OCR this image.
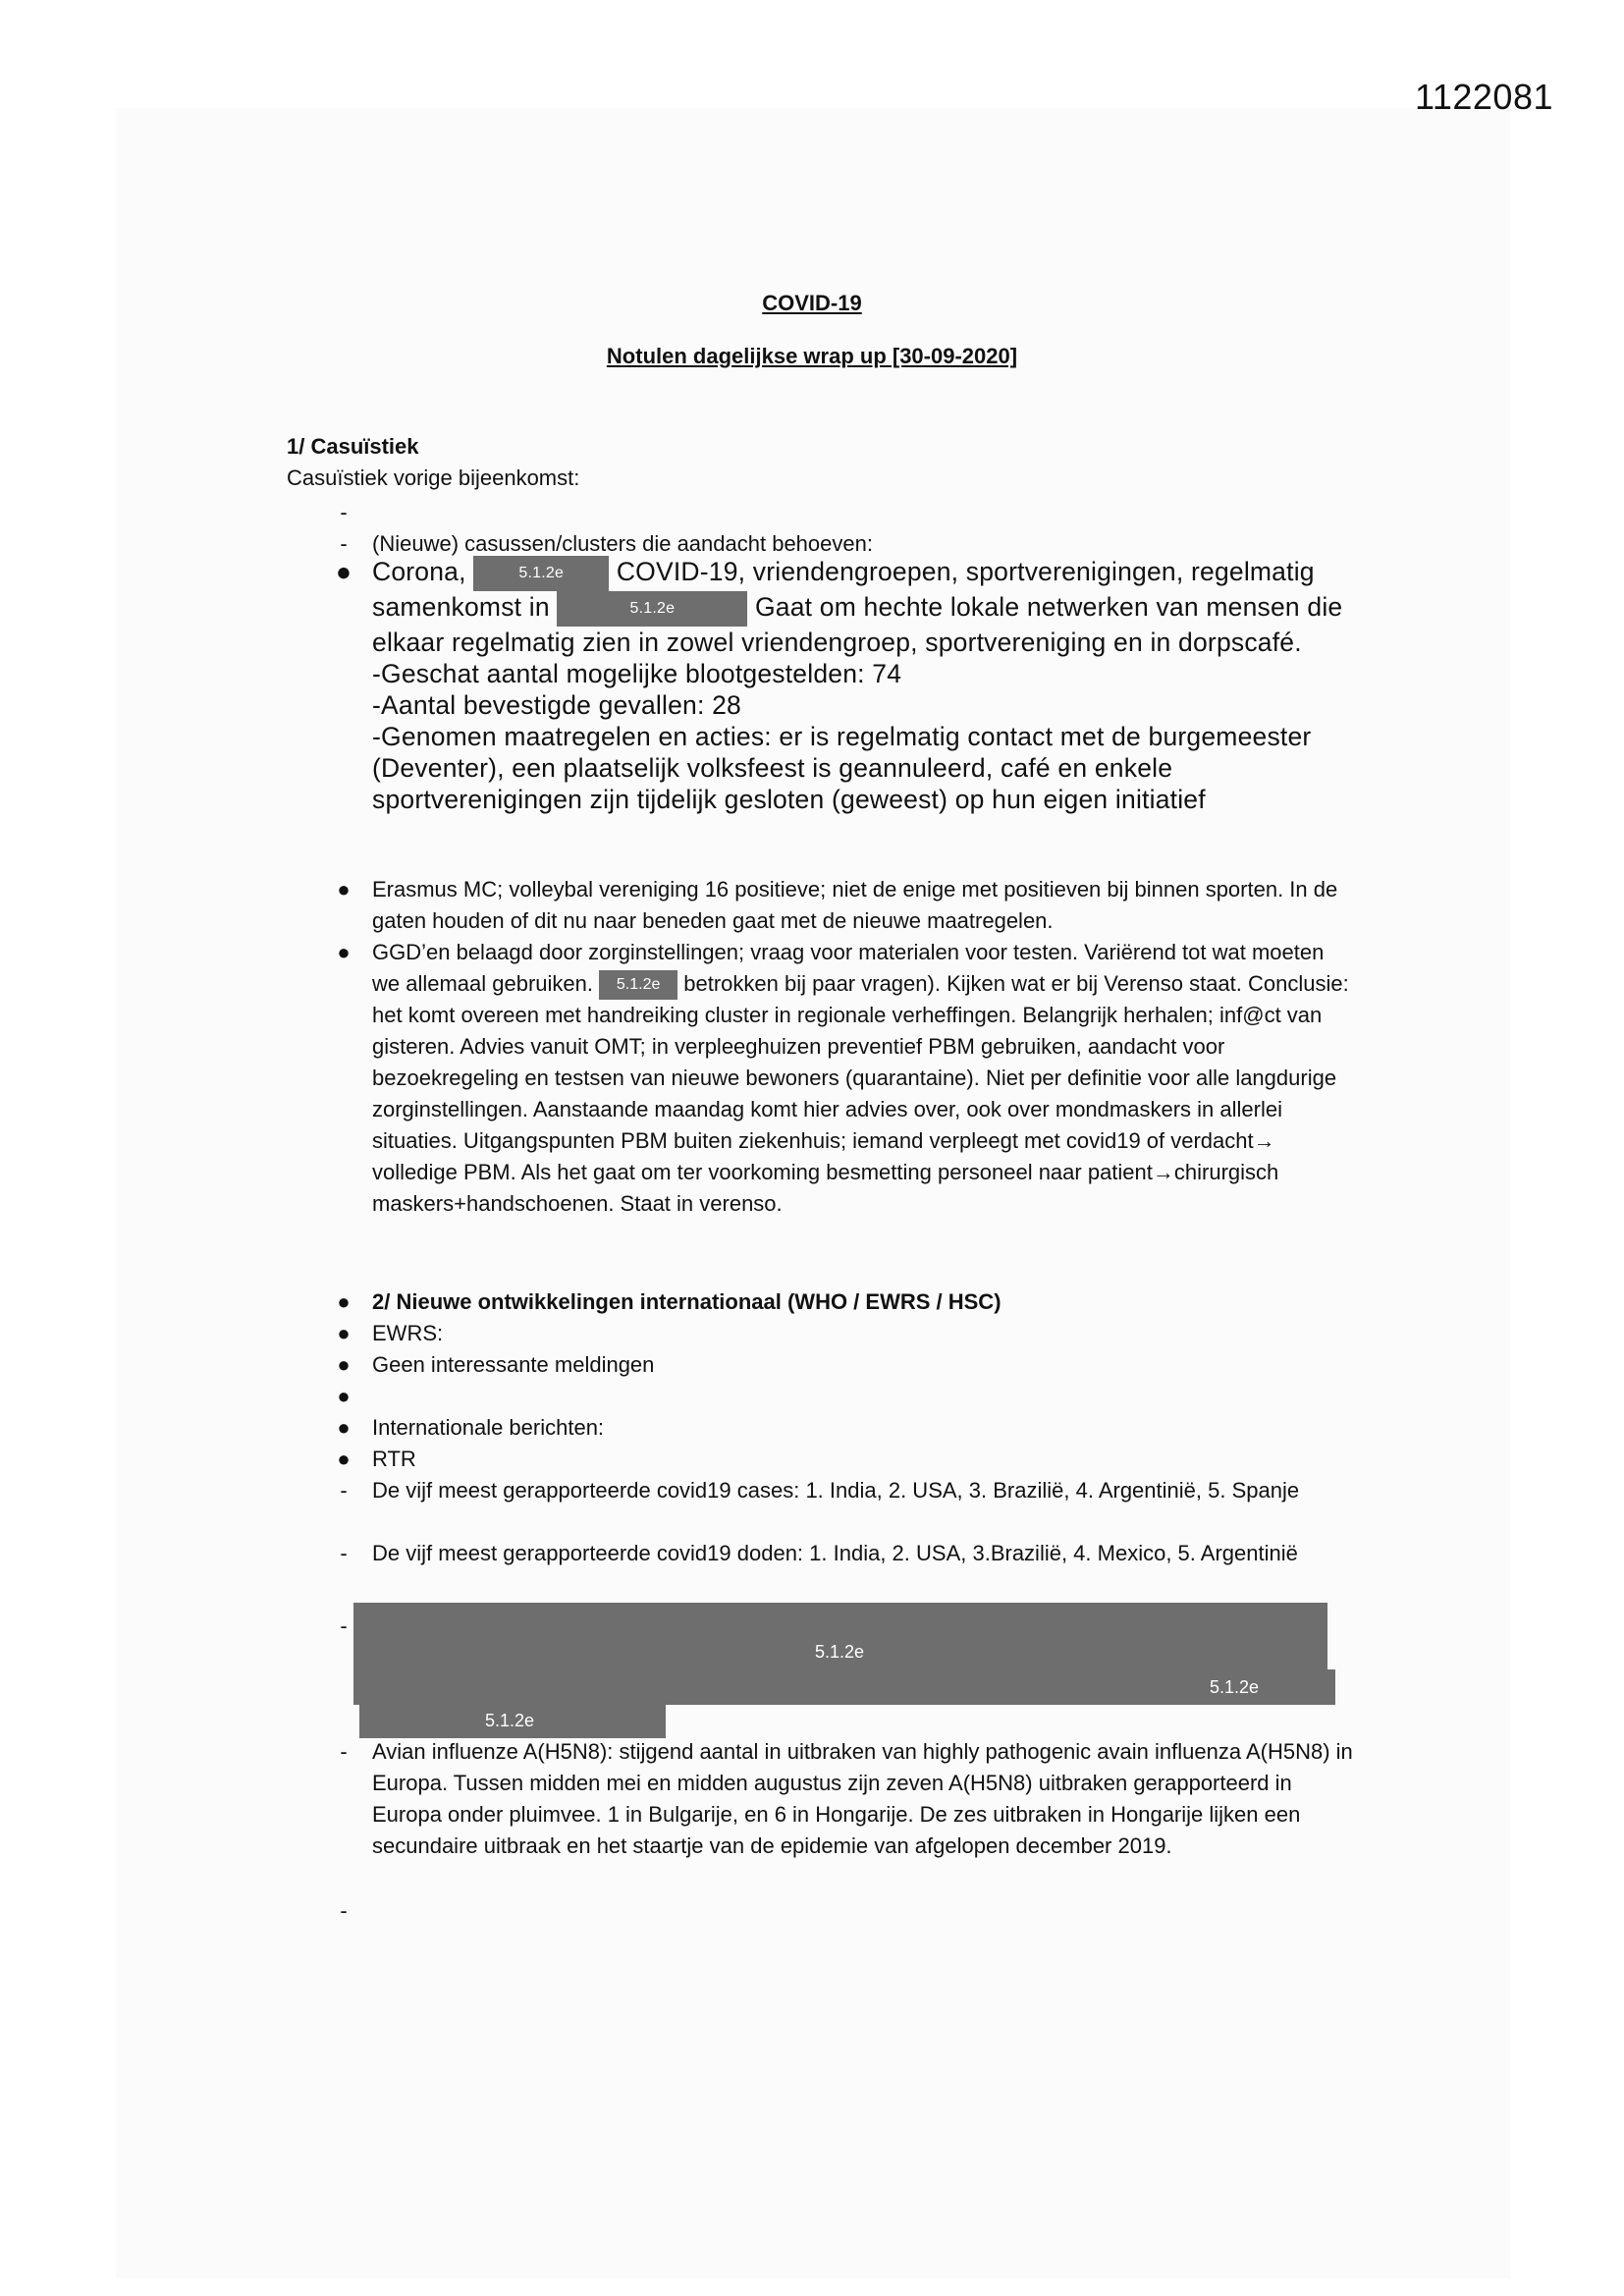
1122081
COVID-19
Notulen dagelijkse wrap up [30-09-2020]
1/ Casuïstiek
Casuïstiek vorige bijeenkomst:
-
-	(Nieuwe) casussen/clusters die aandacht behoeven:
● Corona,	5.1.2e COVID-19, vriendengroepen, sportverenigingen, regelmatig samenkomst in	5.1.2e	Gaat om hechte lokale netwerken van mensen die elkaar regelmatig zien in zowel vriendengroep, sportvereniging en in dorpscafé.
-Geschat aantal mogelijke blootgestelden: 74
-Aantal bevestigde gevallen: 28
-Genomen maatregelen en acties: er is regelmatig contact met de burgemeester (Deventer), een plaatselijk volksfeest is geannuleerd, café en enkele sportverenigingen zijn tijdelijk gesloten (geweest) op hun eigen initiatief
●	Erasmus MC; volleybal vereniging 16 positieve; niet de enige met positieven bij binnen sporten. In de gaten houden of dit nu naar beneden gaat met de nieuwe maatregelen.
●	GGD’en belaagd door zorginstellingen; vraag voor materialen voor testen. Variërend tot wat moeten we allemaal gebruiken. 5.1.2e betrokken bij paar vragen). Kijken wat er bij Verenso staat. Conclusie: het komt overeen met handreiking cluster in regionale verheffingen. Belangrijk herhalen; inf@ct van gisteren. Advies vanuit OMT; in verpleeghuizen preventief PBM gebruiken, aandacht voor bezoekregeling en testsen van nieuwe bewoners (quarantaine). Niet per definitie voor alle langdurige zorginstellingen. Aanstaande maandag komt hier advies over, ook over mondmaskers in allerlei situaties. Uitgangspunten PBM buiten ziekenhuis; iemand verpleegt met covid19 of verdacht→ volledige PBM. Als het gaat om ter voorkoming besmetting personeel naar patient→chirurgisch maskers+handschoenen. Staat in verenso.
●	2/ Nieuwe ontwikkelingen internationaal (WHO / EWRS / HSC)
●	EWRS:
●	Geen interessante meldingen
●
●	Internationale berichten:
●	RTR
-	De vijf meest gerapporteerde covid19 cases: 1. India, 2. USA, 3. Brazilië, 4. Argentinië, 5. Spanje
-	De vijf meest gerapporteerde covid19 doden: 1. India, 2. USA, 3.Brazilië, 4. Mexico, 5. Argentinië
-
5.1.2e
5.1.2e
5.1.2e
-	Avian influenze A(H5N8): stijgend aantal in uitbraken van highly pathogenic avain influenza A(H5N8) in Europa. Tussen midden mei en midden augustus zijn zeven A(H5N8) uitbraken gerapporteerd in Europa onder pluimvee. 1 in Bulgarije, en 6 in Hongarije. De zes uitbraken in Hongarije lijken een secundaire uitbraak en het staartje van de epidemie van afgelopen december 2019.
-
